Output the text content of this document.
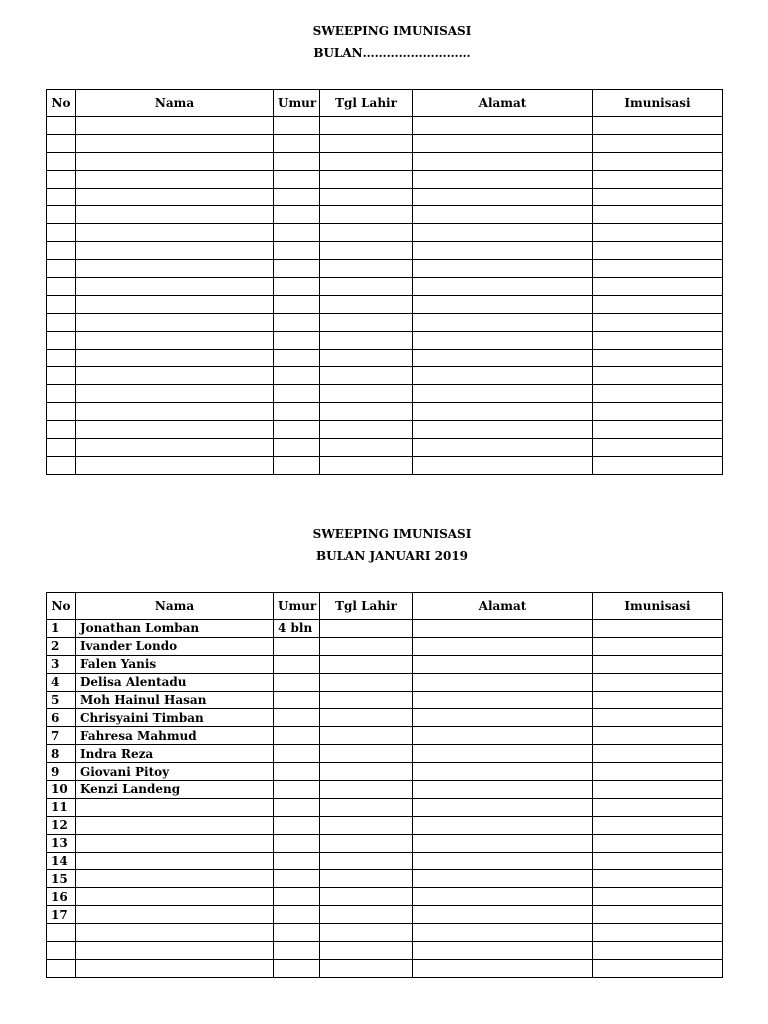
SWEEPING IMUNISASI
BULAN………………………
No	Nama	Umur	Tgl Lahir	Alamat	Imunisasi

SWEEPING IMUNISASI
BULAN JANUARI 2019
No	Nama	Umur	Tgl Lahir	Alamat	Imunisasi
1	Jonathan Lomban	4 bln			
2	Ivander Londo				
3	Falen Yanis				
4	Delisa Alentadu				
5	Moh Hainul Hasan				
6	Chrisyaini Timban				
7	Fahresa Mahmud				
8	Indra Reza				
9	Giovani Pitoy				
10	Kenzi Landeng				
11					
12					
13					
14					
15					
16					
17					
